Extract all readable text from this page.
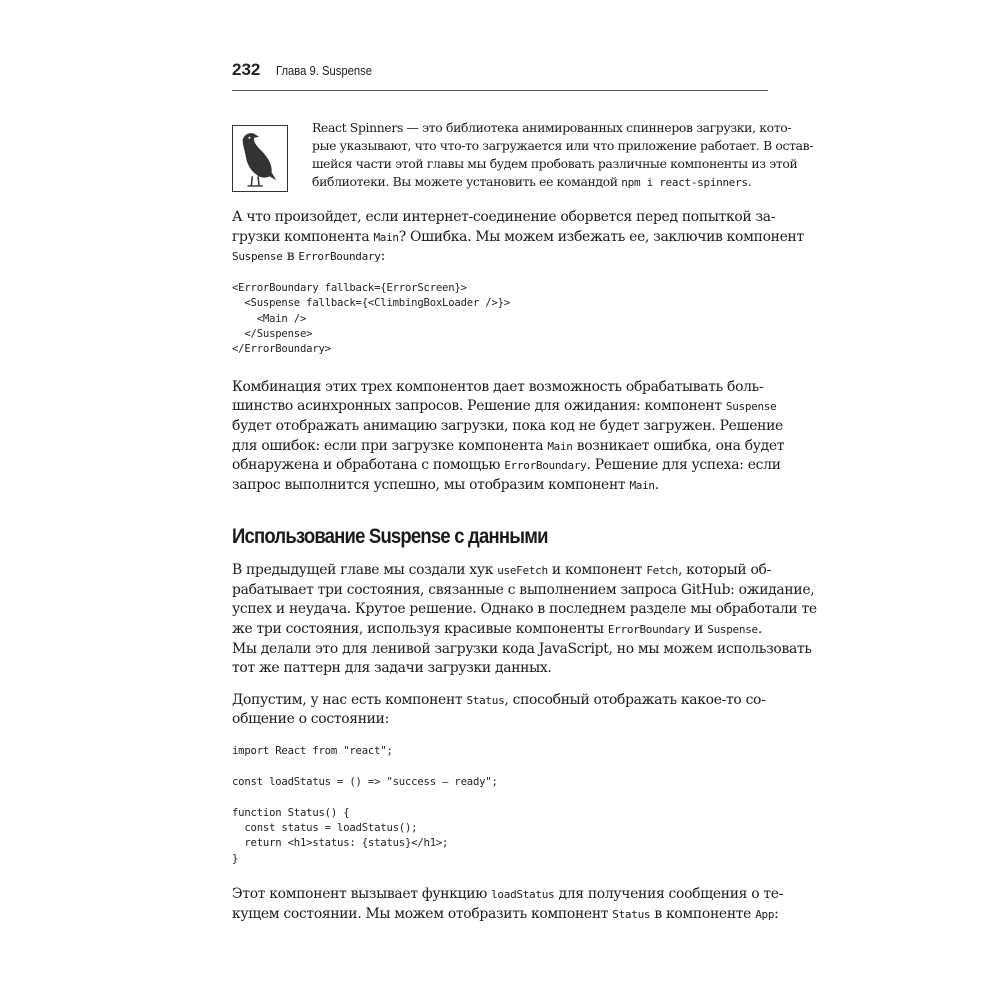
232 Глава 9. Suspense
React Spinners — это библиотека анимированных спиннеров загрузки, кото-
рые указывают, что что-то загружается или что приложение работает. В остав-
шейся части этой главы мы будем пробовать различные компоненты из этой
библиотеки. Вы можете установить ее командой npm i react-spinners.
А что произойдет, если интернет-соединение оборвется перед попыткой за-
грузки компонента Main? Ошибка. Мы можем избежать ее, заключив компонент
Suspense в ErrorBoundary:
<ErrorBoundary fallback={ErrorScreen}>
<Suspense fallback={<ClimbingBoxLoader />}>
<Main />
</Suspense>
</ErrorBoundary>
Комбинация этих трех компонентов дает возможность обрабатывать боль-
шинство асинхронных запросов. Решение для ожидания: компонент Suspense
будет отображать анимацию загрузки, пока код не будет загружен. Решение
для ошибок: если при загрузке компонента Main возникает ошибка, она будет
обнаружена и обработана с помощью ErrorBoundary. Решение для успеха: если
запрос выполнится успешно, мы отобразим компонент Main.
Использование Suspense с данными
В предыдущей главе мы создали хук useFetch и компонент Fetch, который об-
рабатывает три состояния, связанные с выполнением запроса GitHub: ожидание,
успех и неудача. Крутое решение. Однако в последнем разделе мы обработали те
же три состояния, используя красивые компоненты ErrorBoundary и Suspense.
Мы делали это для ленивой загрузки кода JavaScript, но мы можем использовать
тот же паттерн для задачи загрузки данных.
Допустим, у нас есть компонент Status, способный отображать какое-то со-
общение о состоянии:
import React from "react";
const loadStatus = () => "success — ready";
function Status() {
const status = loadStatus();
return <h1>status: {status}</h1>;
}
Этот компонент вызывает функцию loadStatus для получения сообщения о те-
кущем состоянии. Мы можем отобразить компонент Status в компоненте App:
